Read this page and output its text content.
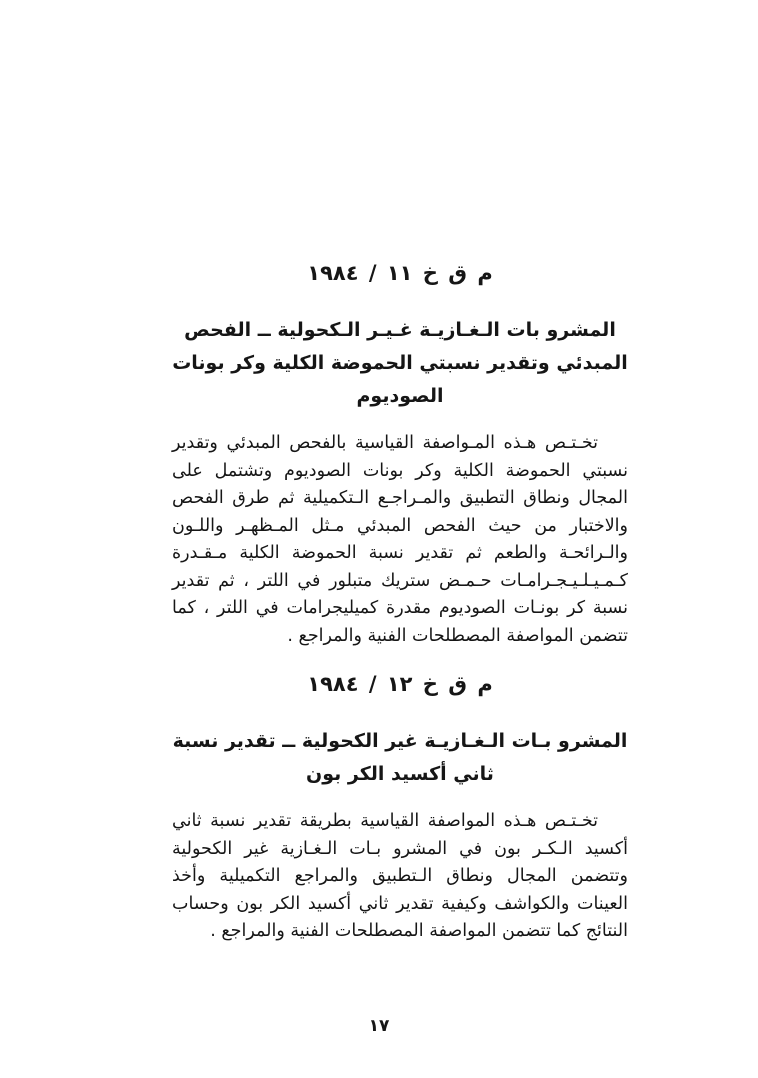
م ق خ ١١ / ١٩٨٤
المشرو بات الـغـازيـة غـيـر الـكحولية ــ الفحص المبدئي وتقدير نسبتي الحموضة الكلية وكر بونات الصوديوم

تخـتـص هـذه المـواصفة القياسية بالفحص المبدئي وتقدير نسبتي الحموضة الكلية وكر بونات الصوديوم وتشتمل على المجال ونطاق التطبيق والمـراجـع الـتكميلية ثم طرق الفحص والاختبار من حيث الفحص المبدئي مـثل المـظهـر واللـون والـرائحـة والطعم ثم تقدير نسبة الحموضة الكلية مـقـدرة كـمـيـلـيـجـرامـات حـمـض ستريك متبلور في اللتر ، ثم تقدير نسبة كر بونـات الصوديوم مقدرة كميليجرامات في اللتر ، كما تتضمن المواصفة المصطلحات الفنية والمراجع .

م ق خ ١٢ / ١٩٨٤
المشرو بـات الـغـازيـة غير الكحولية ــ تقدير نسبة ثاني أكسيد الكر بون

تخـتـص هـذه المواصفة القياسية بطريقة تقدير نسبة ثاني أكسيد الـكـر بون في المشرو بـات الـغـازية غير الكحولية وتتضمن المجال ونطاق الـتطبيق والمراجع التكميلية وأخذ العينات والكواشف وكيفية تقدير ثاني أكسيد الكر بون وحساب النتائج كما تتضمن المواصفة المصطلحات الفنية والمراجع .

١٧
